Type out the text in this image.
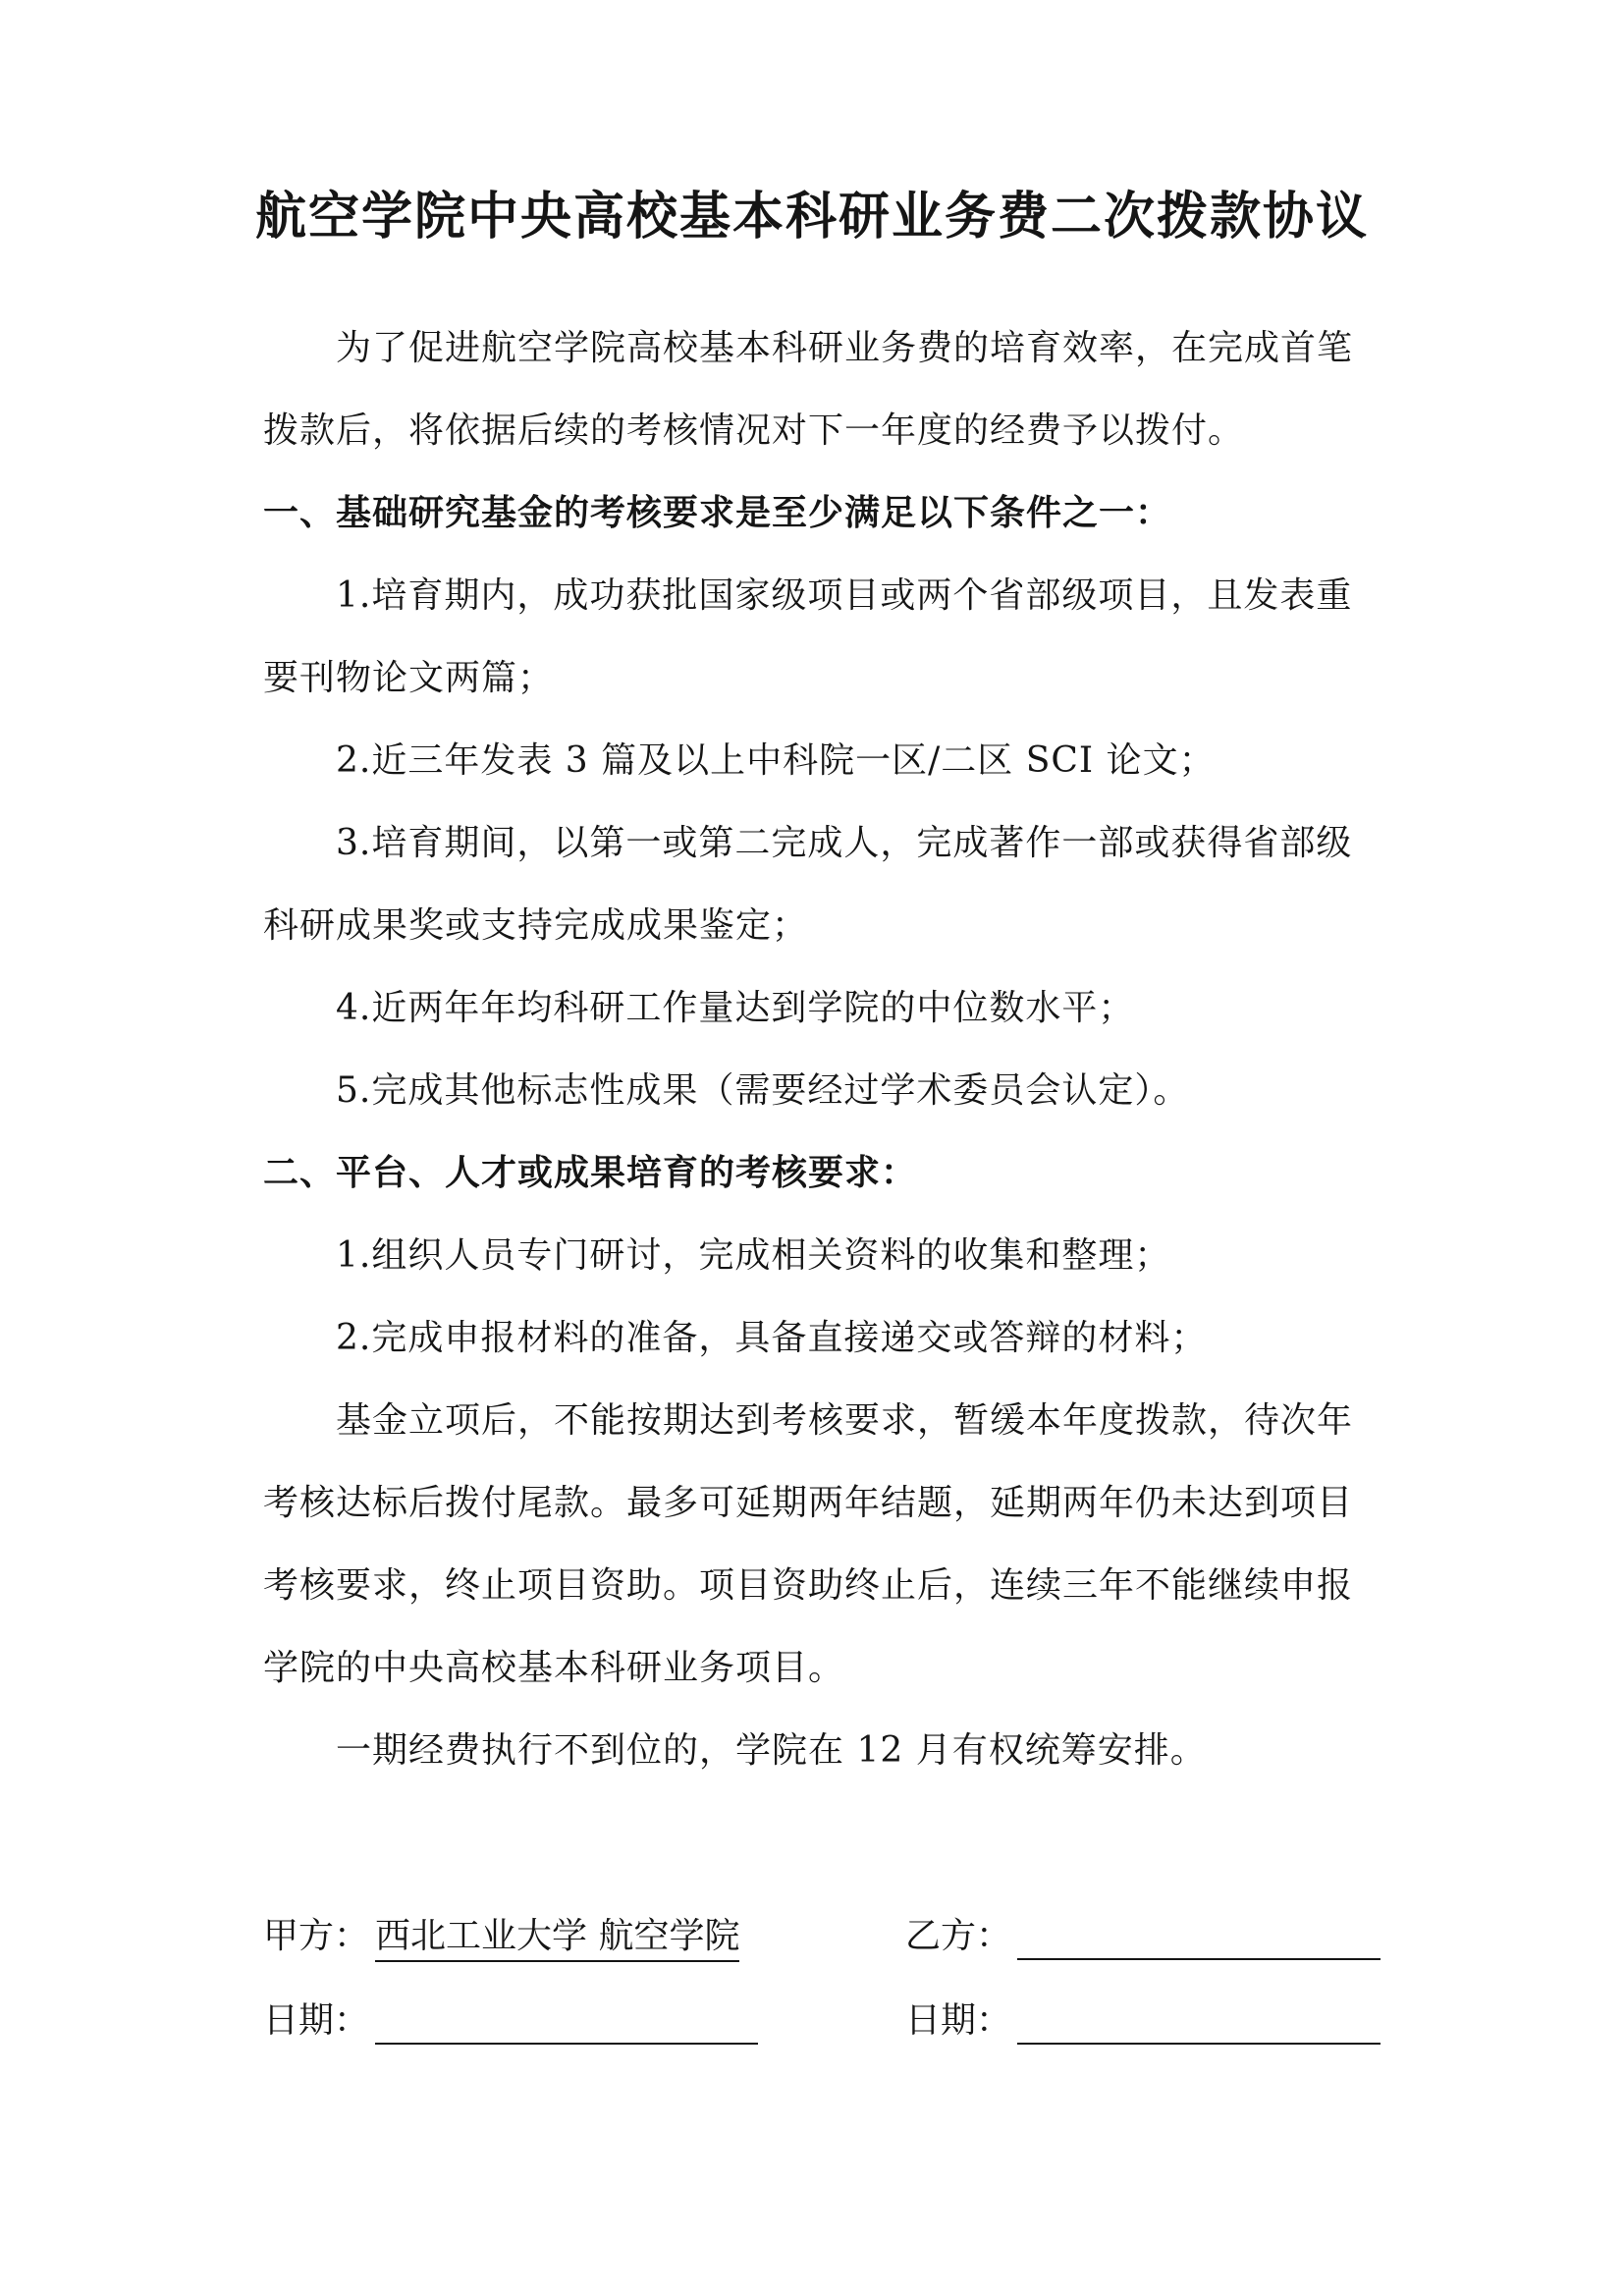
航空学院中央高校基本科研业务费二次拨款协议
为了促进航空学院高校基本科研业务费的培育效率，在完成首笔
拨款后，将依据后续的考核情况对下一年度的经费予以拨付。
一、基础研究基金的考核要求是至少满足以下条件之一：
1.培育期内，成功获批国家级项目或两个省部级项目，且发表重
要刊物论文两篇；
2.近三年发表 3 篇及以上中科院一区/二区 SCI 论文；
3.培育期间，以第一或第二完成人，完成著作一部或获得省部级
科研成果奖或支持完成成果鉴定；
4.近两年年均科研工作量达到学院的中位数水平；
5.完成其他标志性成果（需要经过学术委员会认定）。
二、平台、人才或成果培育的考核要求：
1.组织人员专门研讨，完成相关资料的收集和整理；
2.完成申报材料的准备，具备直接递交或答辩的材料；
基金立项后，不能按期达到考核要求，暂缓本年度拨款，待次年
考核达标后拨付尾款。最多可延期两年结题，延期两年仍未达到项目
考核要求，终止项目资助。项目资助终止后，连续三年不能继续申报
学院的中央高校基本科研业务项目。
一期经费执行不到位的，学院在 12 月有权统筹安排。
甲方： 西北工业大学 航空学院	乙方：
日期：	日期：
